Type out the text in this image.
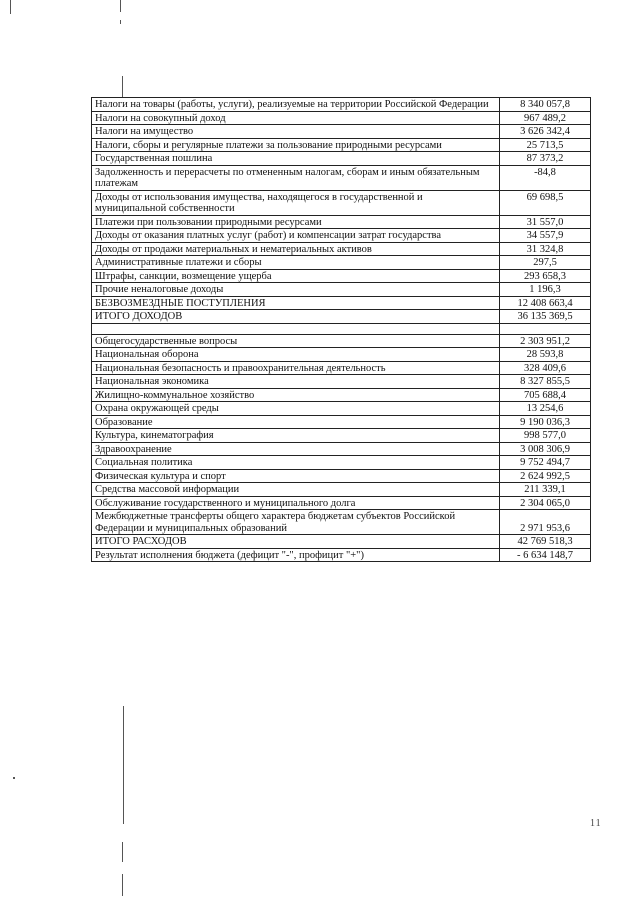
Налоги на товары (работы, услуги), реализуемые на территории Российской Федерации	8 340 057,8
Налоги на совокупный доход	967 489,2
Налоги на имущество	3 626 342,4
Налоги, сборы и регулярные платежи за пользование природными ресурсами	25 713,5
Государственная пошлина	87 373,2
Задолженность и перерасчеты по отмененным налогам, сборам и иным обязательным платежам	-84,8
Доходы от использования имущества, находящегося в государственной и муниципальной собственности	69 698,5
Платежи при пользовании природными ресурсами	31 557,0
Доходы от оказания платных услуг (работ) и компенсации затрат государства	34 557,9
Доходы от продажи материальных и нематериальных активов	31 324,8
Административные платежи и сборы	297,5
Штрафы, санкции, возмещение ущерба	293 658,3
Прочие неналоговые доходы	1 196,3
БЕЗВОЗМЕЗДНЫЕ ПОСТУПЛЕНИЯ	12 408 663,4
ИТОГО ДОХОДОВ	36 135 369,5

Общегосударственные вопросы	2 303 951,2
Национальная оборона	28 593,8
Национальная безопасность и правоохранительная деятельность	328 409,6
Национальная экономика	8 327 855,5
Жилищно-коммунальное хозяйство	705 688,4
Охрана окружающей среды	13 254,6
Образование	9 190 036,3
Культура, кинематография	998 577,0
Здравоохранение	3 008 306,9
Социальная политика	9 752 494,7
Физическая культура и спорт	2 624 992,5
Средства массовой информации	211 339,1
Обслуживание государственного и муниципального долга	2 304 065,0
Межбюджетные трансферты общего характера бюджетам субъектов Российской Федерации и муниципальных образований	2 971 953,6
ИТОГО РАСХОДОВ	42 769 518,3
Результат исполнения бюджета (дефицит "-", профицит "+")	- 6 634 148,7
11
